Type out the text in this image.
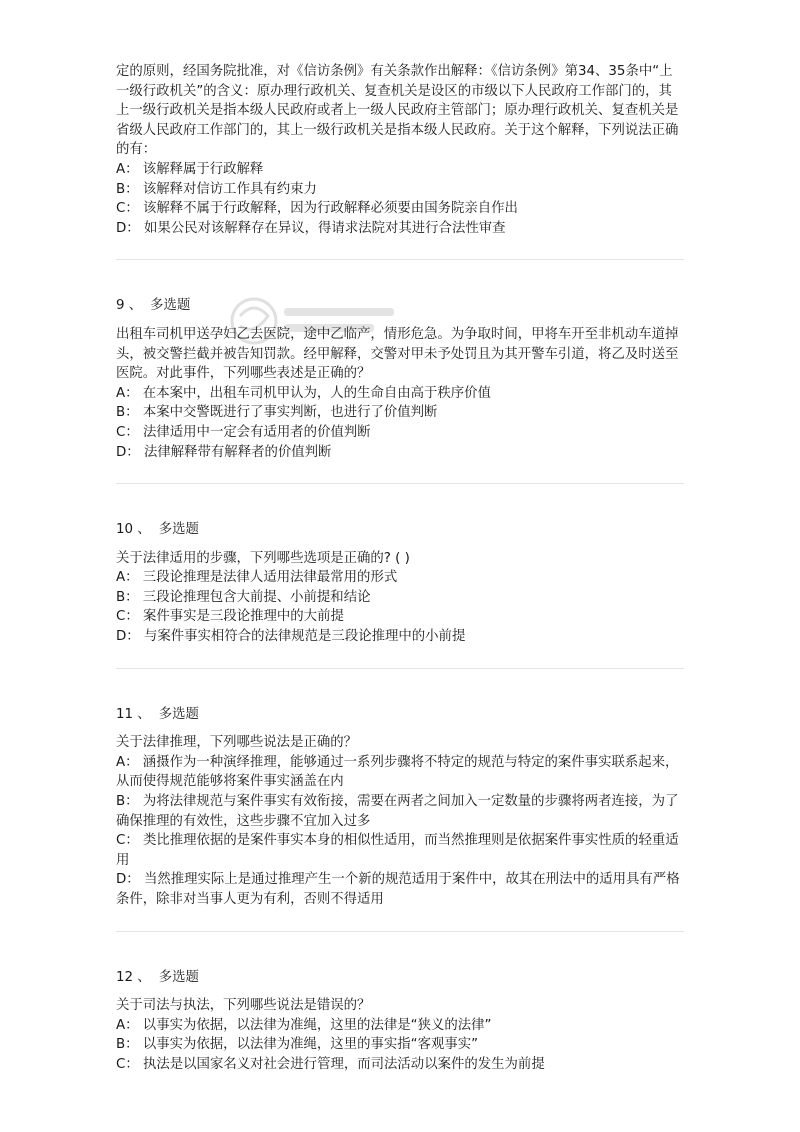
定的原则，经国务院批准，对《信访条例》有关条款作出解释：《信访条例》第34、35条中“上一级行政机关”的含义：原办理行政机关、复查机关是设区的市级以下人民政府工作部门的，其上一级行政机关是指本级人民政府或者上一级人民政府主管部门；原办理行政机关、复查机关是省级人民政府工作部门的，其上一级行政机关是指本级人民政府。关于这个解释，下列说法正确的有：

A： 该解释属于行政解释

B： 该解释对信访工作具有约束力

C： 该解释不属于行政解释，因为行政解释必须要由国务院亲自作出

D： 如果公民对该解释存在异议，得请求法院对其进行合法性审查

9 、 多选题

出租车司机甲送孕妇乙去医院，途中乙临产，情形危急。为争取时间，甲将车开至非机动车道掉头，被交警拦截并被告知罚款。经甲解释，交警对甲未予处罚且为其开警车引道，将乙及时送至医院。对此事件，下列哪些表述是正确的？

A： 在本案中，出租车司机甲认为，人的生命自由高于秩序价值

B： 本案中交警既进行了事实判断，也进行了价值判断

C： 法律适用中一定会有适用者的价值判断

D： 法律解释带有解释者的价值判断

10 、 多选题

关于法律适用的步骤，下列哪些选项是正确的? ( )

A： 三段论推理是法律人适用法律最常用的形式

B： 三段论推理包含大前提、小前提和结论

C： 案件事实是三段论推理中的大前提

D： 与案件事实相符合的法律规范是三段论推理中的小前提

11 、 多选题

关于法律推理，下列哪些说法是正确的？

A： 涵摄作为一种演绎推理，能够通过一系列步骤将不特定的规范与特定的案件事实联系起来，从而使得规范能够将案件事实涵盖在内

B： 为将法律规范与案件事实有效衔接，需要在两者之间加入一定数量的步骤将两者连接，为了确保推理的有效性，这些步骤不宜加入过多

C： 类比推理依据的是案件事实本身的相似性适用，而当然推理则是依据案件事实性质的轻重适用

D： 当然推理实际上是通过推理产生一个新的规范适用于案件中，故其在刑法中的适用具有严格条件，除非对当事人更为有利，否则不得适用

12 、 多选题

关于司法与执法，下列哪些说法是错误的？

A： 以事实为依据，以法律为准绳，这里的法律是“狭义的法律”

B： 以事实为依据，以法律为准绳，这里的事实指“客观事实”

C： 执法是以国家名义对社会进行管理，而司法活动以案件的发生为前提
